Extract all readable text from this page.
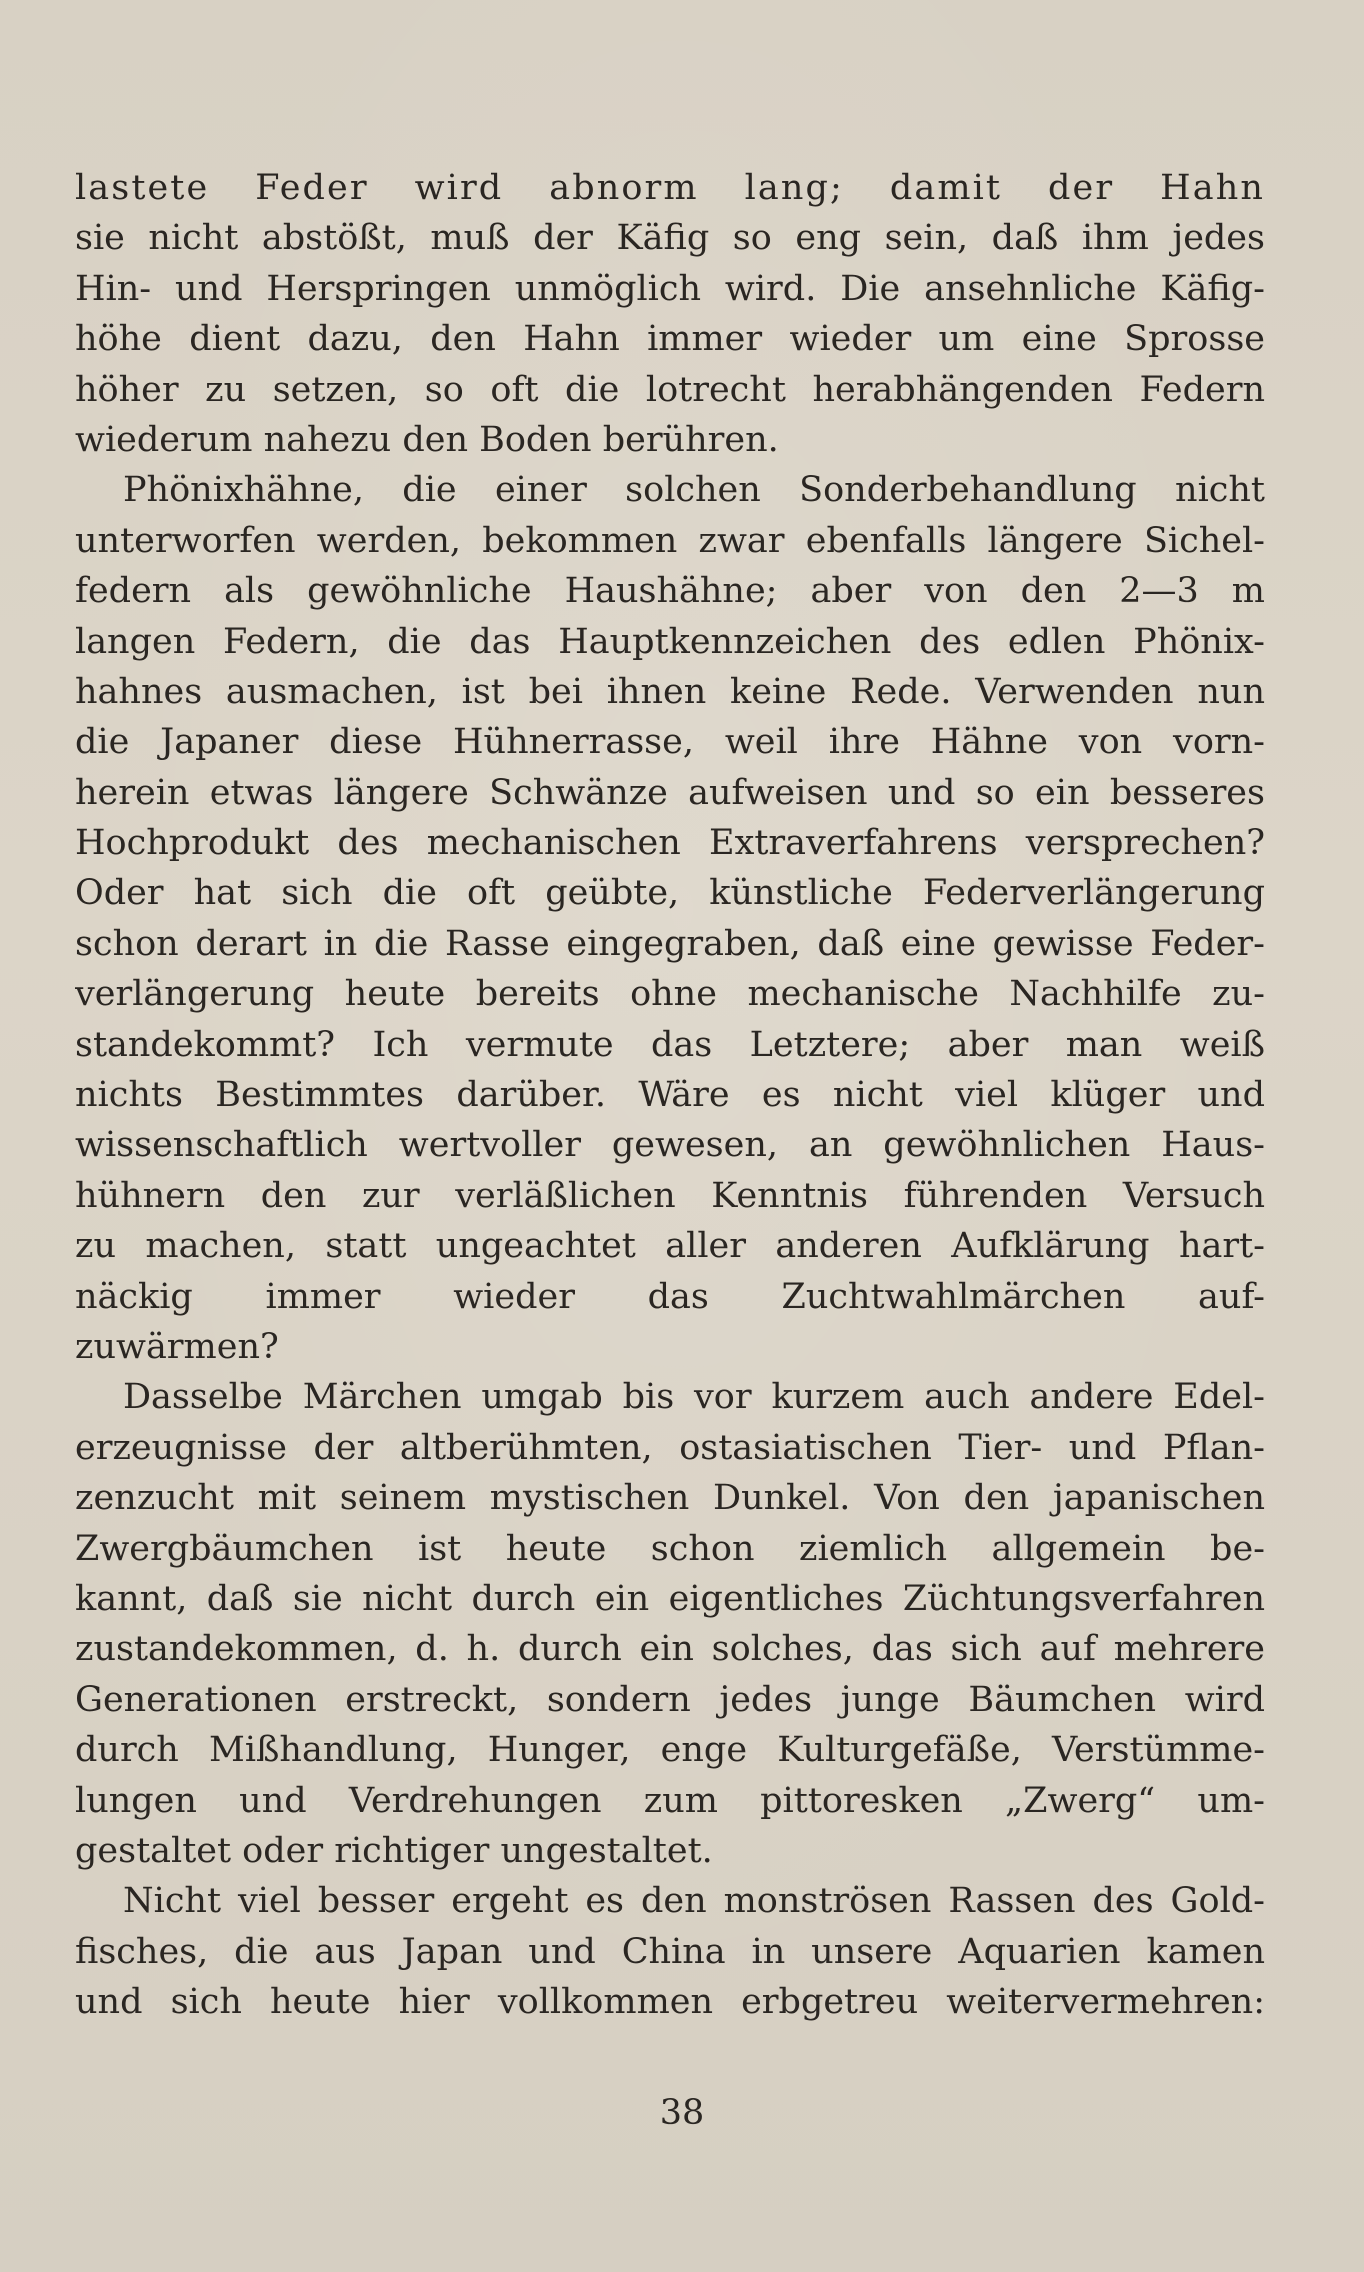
lastete Feder wird abnorm lang; damit der Hahn
sie nicht abstößt, muß der Käfig so eng sein, daß ihm jedes
Hin- und Herspringen unmöglich wird. Die ansehnliche Käfig-
höhe dient dazu, den Hahn immer wieder um eine Sprosse
höher zu setzen, so oft die lotrecht herabhängenden Federn
wiederum nahezu den Boden berühren.
Phönixhähne, die einer solchen Sonderbehandlung nicht
unterworfen werden, bekommen zwar ebenfalls längere Sichel-
federn als gewöhnliche Haushähne; aber von den 2—3 m
langen Federn, die das Hauptkennzeichen des edlen Phönix-
hahnes ausmachen, ist bei ihnen keine Rede. Verwenden nun
die Japaner diese Hühnerrasse, weil ihre Hähne von vorn-
herein etwas längere Schwänze aufweisen und so ein besseres
Hochprodukt des mechanischen Extraverfahrens versprechen?
Oder hat sich die oft geübte, künstliche Federverlängerung
schon derart in die Rasse eingegraben, daß eine gewisse Feder-
verlängerung heute bereits ohne mechanische Nachhilfe zu-
standekommt? Ich vermute das Letztere; aber man weiß
nichts Bestimmtes darüber. Wäre es nicht viel klüger und
wissenschaftlich wertvoller gewesen, an gewöhnlichen Haus-
hühnern den zur verläßlichen Kenntnis führenden Versuch
zu machen, statt ungeachtet aller anderen Aufklärung hart-
näckig immer wieder das Zuchtwahlmärchen auf-
zuwärmen?
Dasselbe Märchen umgab bis vor kurzem auch andere Edel-
erzeugnisse der altberühmten, ostasiatischen Tier- und Pflan-
zenzucht mit seinem mystischen Dunkel. Von den japanischen
Zwergbäumchen ist heute schon ziemlich allgemein be-
kannt, daß sie nicht durch ein eigentliches Züchtungsverfahren
zustandekommen, d. h. durch ein solches, das sich auf mehrere
Generationen erstreckt, sondern jedes junge Bäumchen wird
durch Mißhandlung, Hunger, enge Kulturgefäße, Verstümme-
lungen und Verdrehungen zum pittoresken „Zwerg“ um-
gestaltet oder richtiger ungestaltet.
Nicht viel besser ergeht es den monströsen Rassen des Gold-
fisches, die aus Japan und China in unsere Aquarien kamen
und sich heute hier vollkommen erbgetreu weitervermehren:
38
